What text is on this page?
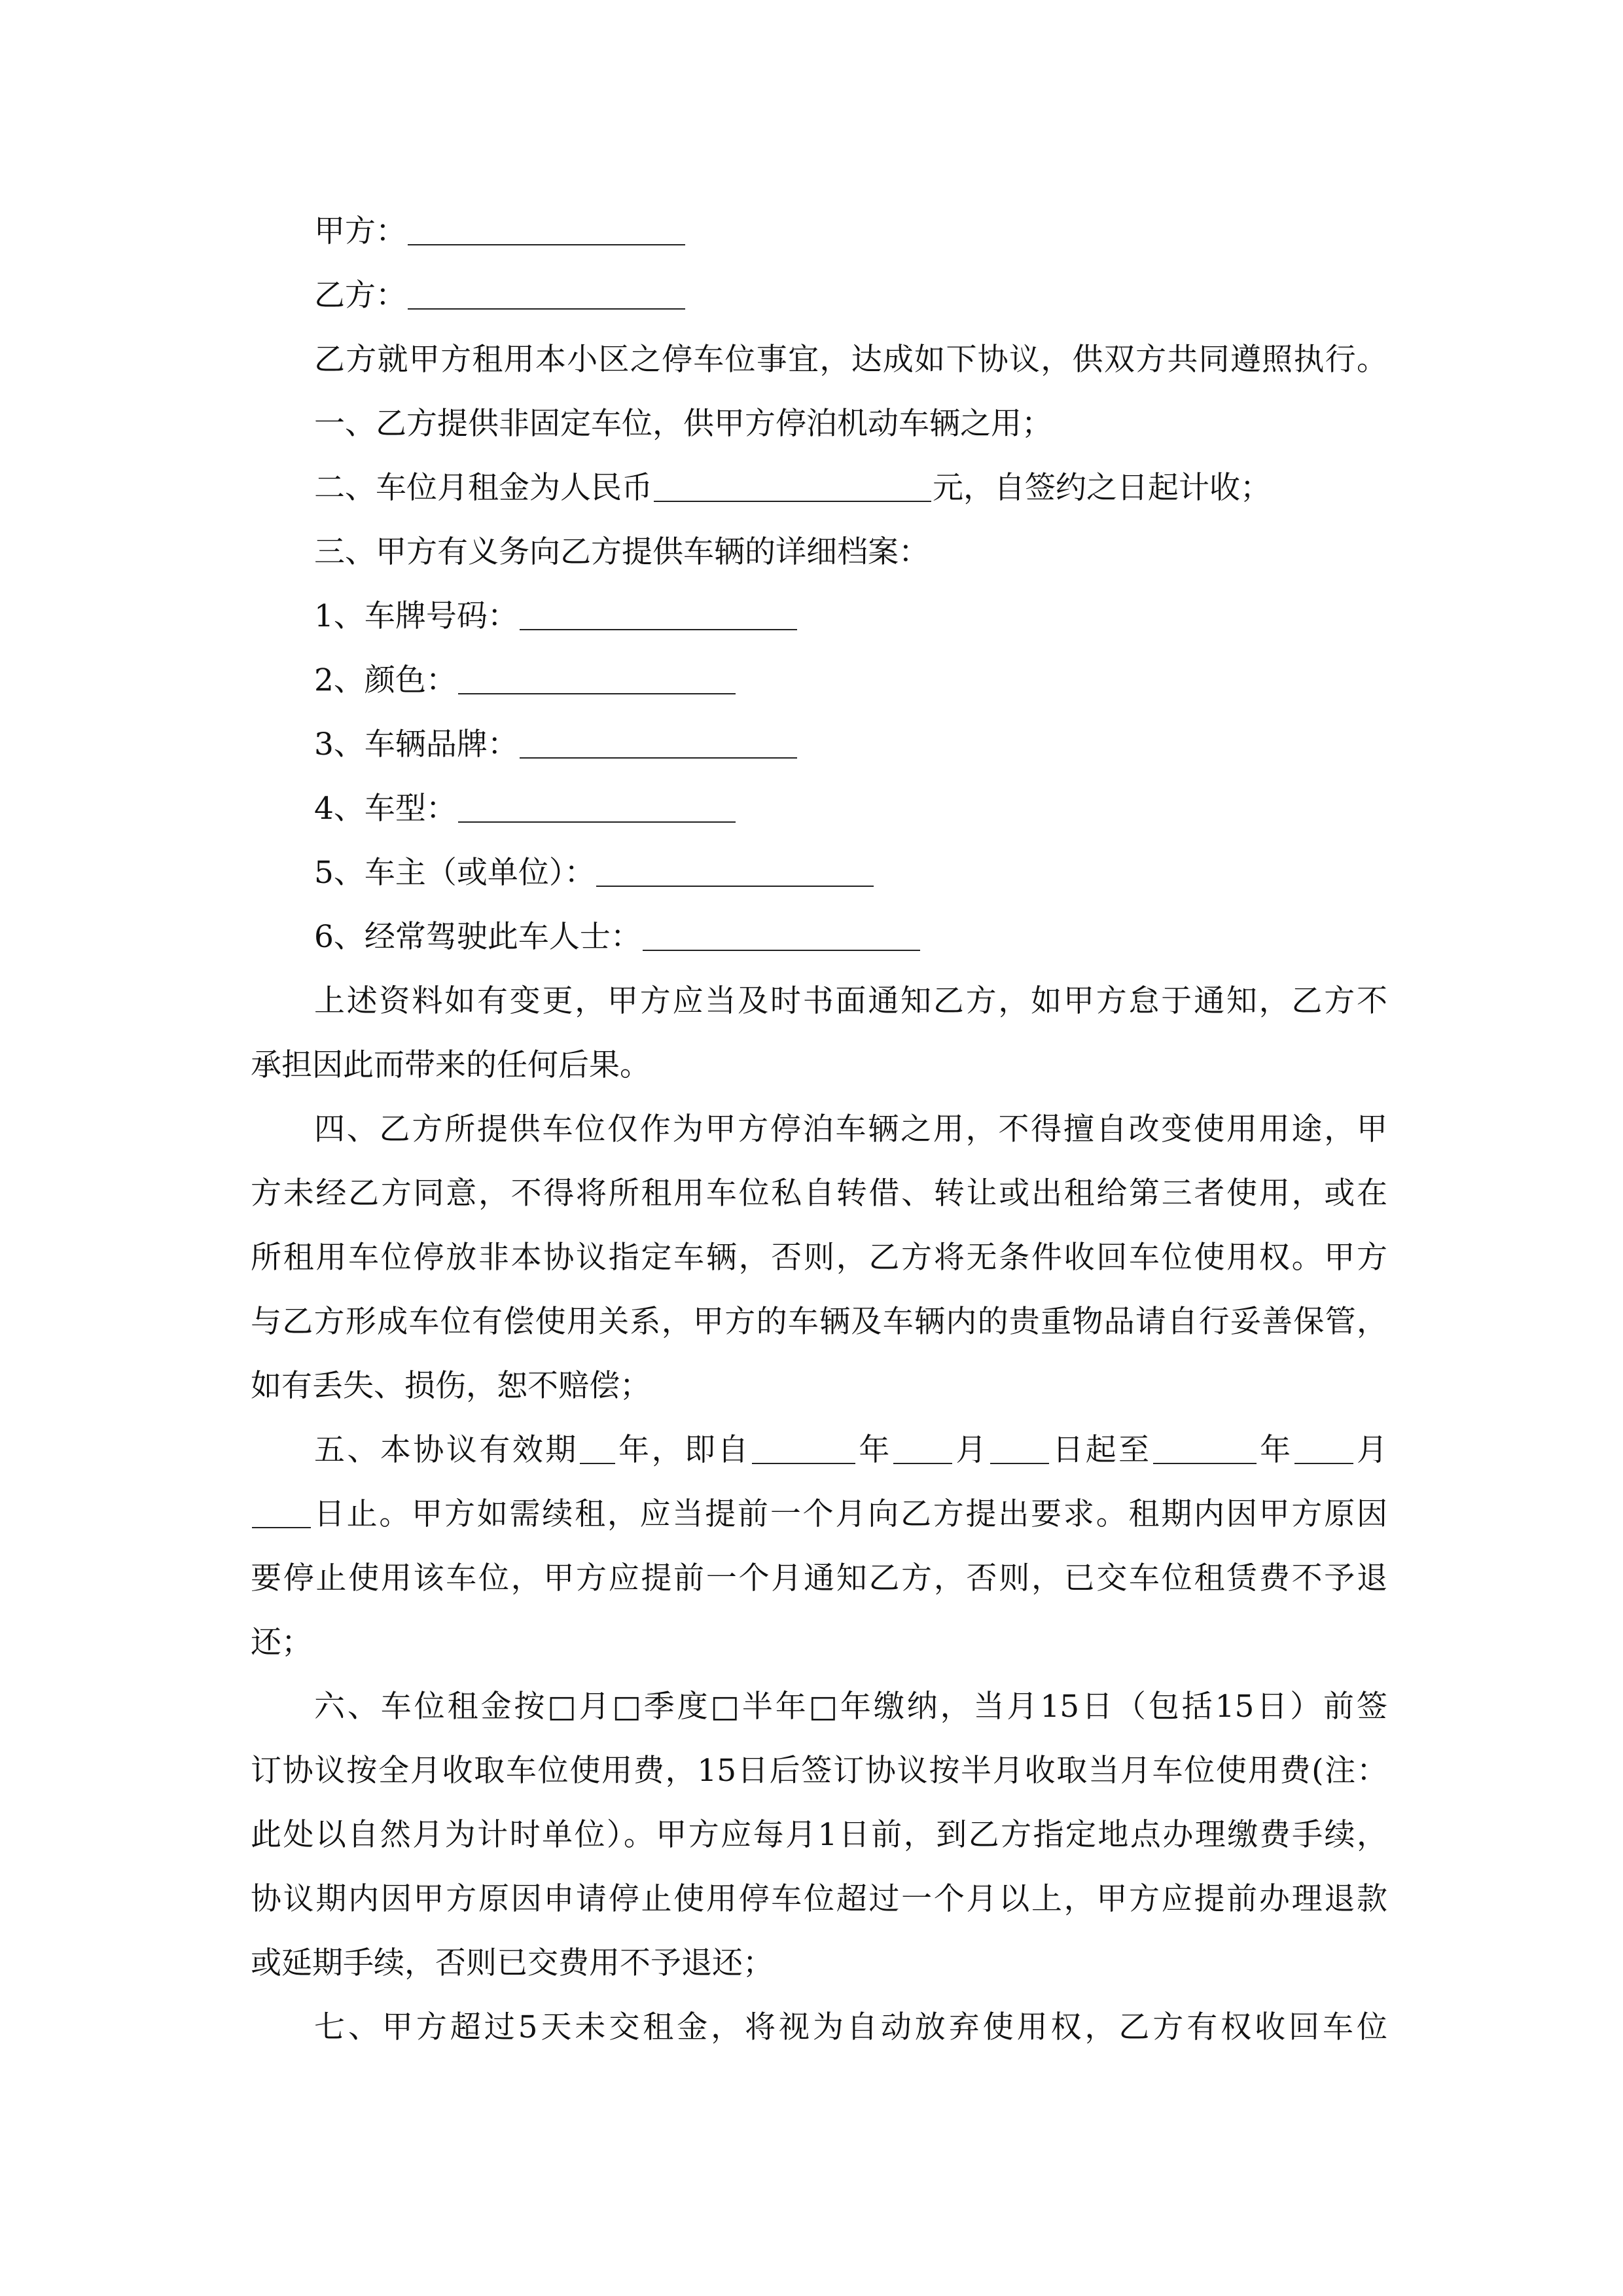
甲方：
乙方：
乙方就甲方租用本小区之停车位事宜，达成如下协议，供双方共同遵照执行。
一、乙方提供非固定车位，供甲方停泊机动车辆之用；
二、车位月租金为人民币	元，自签约之日起计收；
三、甲方有义务向乙方提供车辆的详细档案：
1、车牌号码：
2、颜色：
3、车辆品牌：
4、车型：
5、车主（或单位）：
6、经常驾驶此车人士：
上述资料如有变更，甲方应当及时书面通知乙方，如甲方怠于通知，乙方不
承担因此而带来的任何后果。
四、乙方所提供车位仅作为甲方停泊车辆之用，不得擅自改变使用用途，甲
方未经乙方同意，不得将所租用车位私自转借、转让或出租给第三者使用，或在
所租用车位停放非本协议指定车辆，否则，乙方将无条件收回车位使用权。甲方
与乙方形成车位有偿使用关系，甲方的车辆及车辆内的贵重物品请自行妥善保管，
如有丢失、损伤，恕不赔偿；
五、本协议有效期 年，即自	年 月 日起至	年 月
日止。甲方如需续租，应当提前一个月向乙方提出要求。租期内因甲方原因
要停止使用该车位，甲方应提前一个月通知乙方，否则，已交车位租赁费不予退
还；
六、车位租金按□月□季度□半年□年缴纳，当月15日（包括15日）前签
订协议按全月收取车位使用费，15日后签订协议按半月收取当月车位使用费(注：
此处以自然月为计时单位）。甲方应每月1日前，到乙方指定地点办理缴费手续，
协议期内因甲方原因申请停止使用停车位超过一个月以上，甲方应提前办理退款
或延期手续，否则已交费用不予退还；
七、甲方超过5天未交租金，将视为自动放弃使用权，乙方有权收回车位
